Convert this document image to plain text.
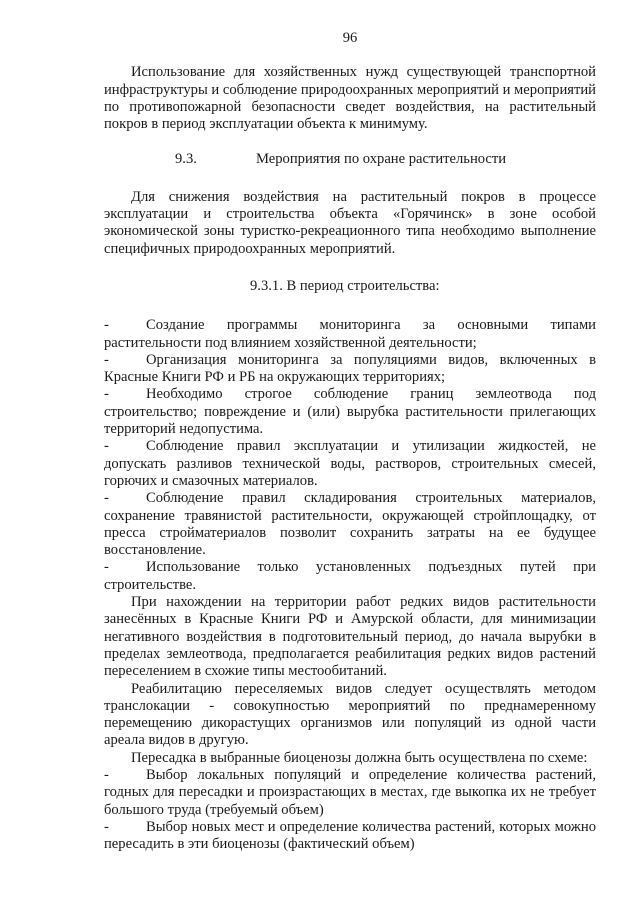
96

Использование для хозяйственных нужд существующей транспортной инфраструктуры и соблюдение природоохранных мероприятий и мероприятий по противопожарной безопасности сведет воздействия, на растительный покров в период эксплуатации объекта к минимуму.

9.3.	Мероприятия по охране растительности

Для снижения воздействия на растительный покров в процессе эксплуатации и строительства объекта «Горячинск» в зоне особой экономической зоны туристко-рекреационного типа необходимо выполнение специфичных природоохранных мероприятий.

9.3.1. В период строительства:

-	Создание программы мониторинга за основными типами растительности под влиянием хозяйственной деятельности;

-	Организация мониторинга за популяциями видов, включенных в Красные Книги РФ и РБ на окружающих территориях;

-	Необходимо строгое соблюдение границ землеотвода под строительство; повреждение и (или) вырубка растительности прилегающих территорий недопустима.

-	Соблюдение правил эксплуатации и утилизации жидкостей, не допускать разливов технической воды, растворов, строительных смесей, горючих и смазочных материалов.

-	Соблюдение правил складирования строительных материалов, сохранение травянистой растительности, окружающей стройплощадку, от пресса стройматериалов позволит сохранить затраты на ее будущее восстановление.

-	Использование только установленных подъездных путей при строительстве.

При нахождении на территории работ редких видов растительности занесённых в Красные Книги РФ и Амурской области, для минимизации негативного воздействия в подготовительный период, до начала вырубки в пределах землеотвода, предполагается реабилитация редких видов растений переселением в схожие типы местообитаний.

Реабилитацию переселяемых видов следует осуществлять методом транслокации - совокупностью мероприятий по преднамеренному перемещению дикорастущих организмов или популяций из одной части ареала видов в другую.

Пересадка в выбранные биоценозы должна быть осуществлена по схеме:

-	Выбор локальных популяций и определение количества растений, годных для пересадки и произрастающих в местах, где выкопка их не требует большого труда (требуемый объем)

-	Выбор новых мест и определение количества растений, которых можно пересадить в эти биоценозы (фактический объем)
